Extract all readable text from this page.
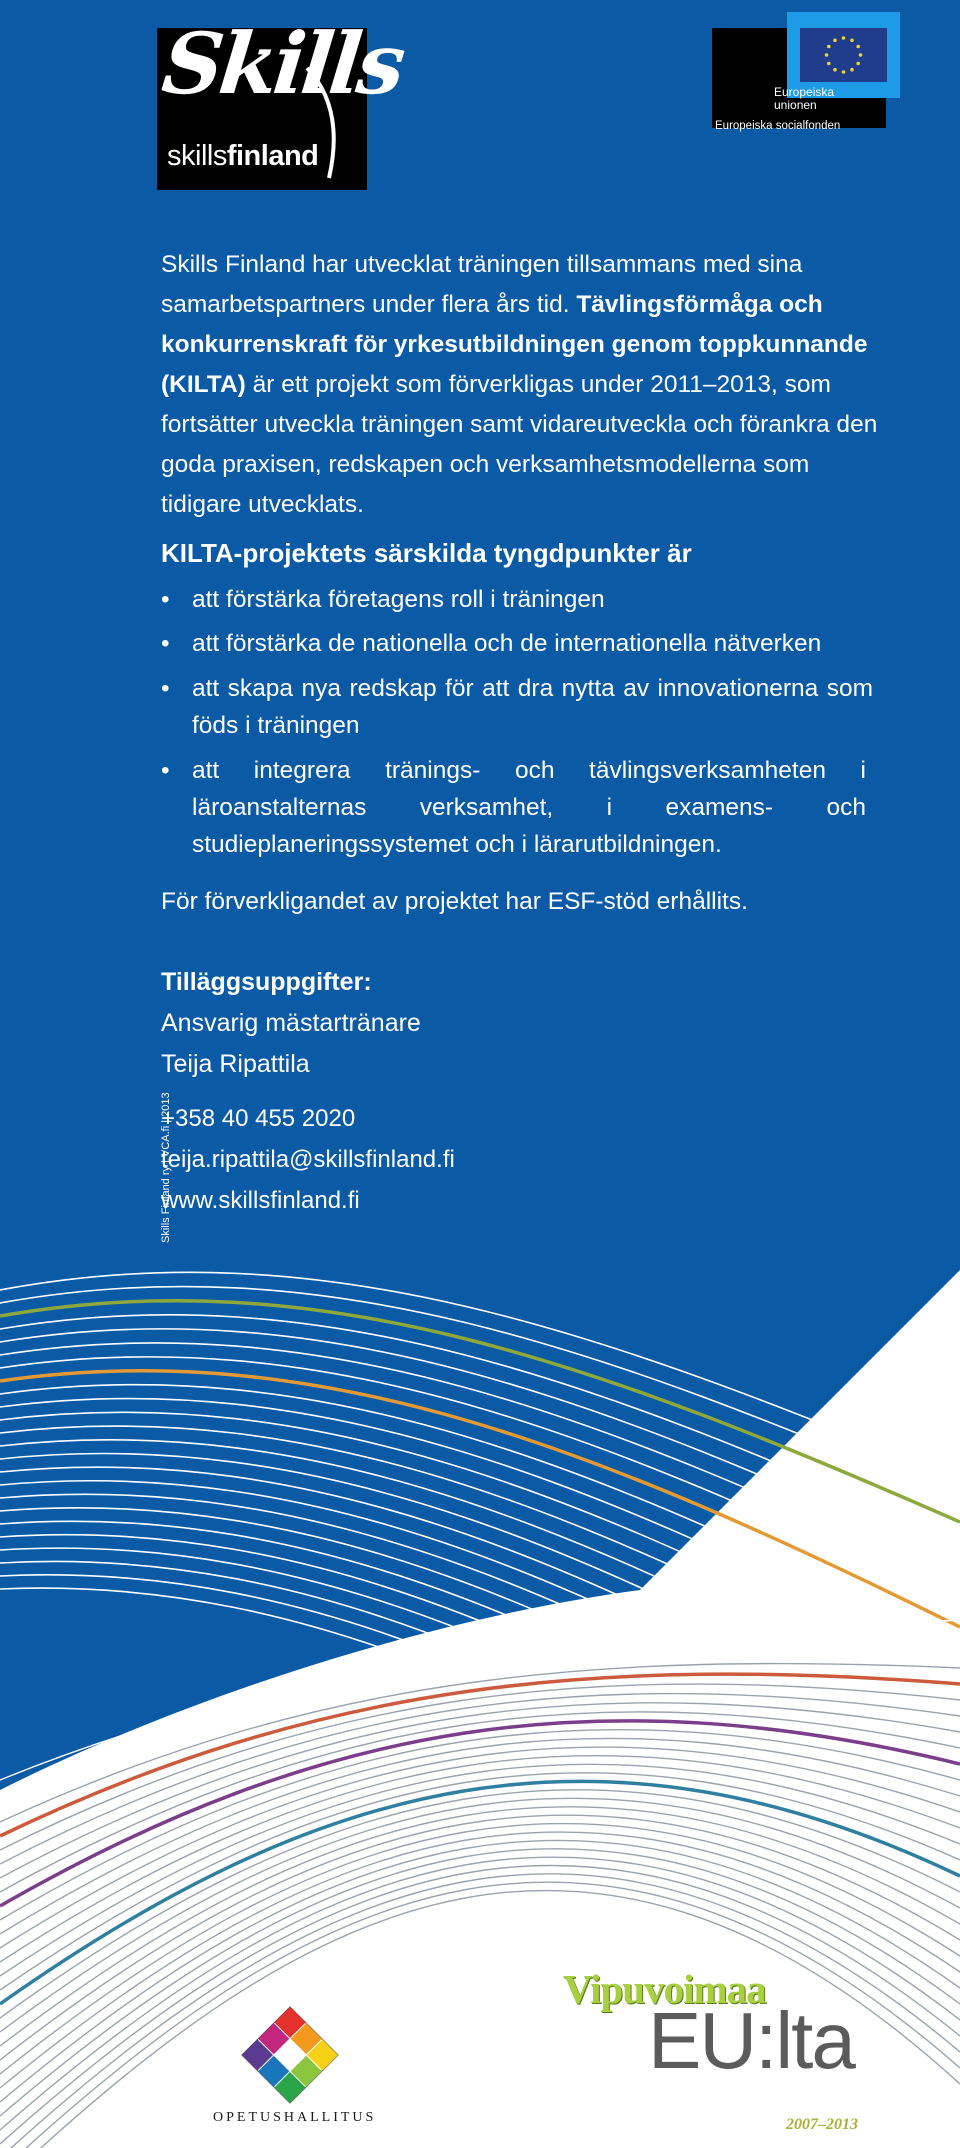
Skills
skillsfinland
Europeiska unionen
Europeiska socialfonden

Skills Finland har utvecklat träningen tillsammans med sina samarbetspartners under flera års tid. Tävlingsförmåga och konkurrenskraft för yrkesutbildningen genom toppkunnande (KILTA) är ett projekt som förverkligas under 2011–2013, som fortsätter utveckla träningen samt vidareutveckla och förankra den goda praxisen, redskapen och verksamhetsmodellerna som tidigare utvecklats.

KILTA-projektets särskilda tyngdpunkter är

• att förstärka företagens roll i träningen
• att förstärka de nationella och de internationella nätverken
• att skapa nya redskap för att dra nytta av innovationerna som föds i träningen
• att integrera tränings- och tävlingsverksamheten i läroanstalternas verksamhet, i examens- och studieplaneringssystemet och i lärarutbildningen.

För förverkligandet av projektet har ESF-stöd erhållits.

Tilläggsuppgifter:

Ansvarig mästartränare

Teija Ripattila

+358 40 455 2020

teija.ripattila@skillsfinland.fi

www.skillsfinland.fi

Skills Finland ry | VCA.fi | 2013
OPETUSHALLITUS
Vipuvoimaa
EU:lta
2007–2013
